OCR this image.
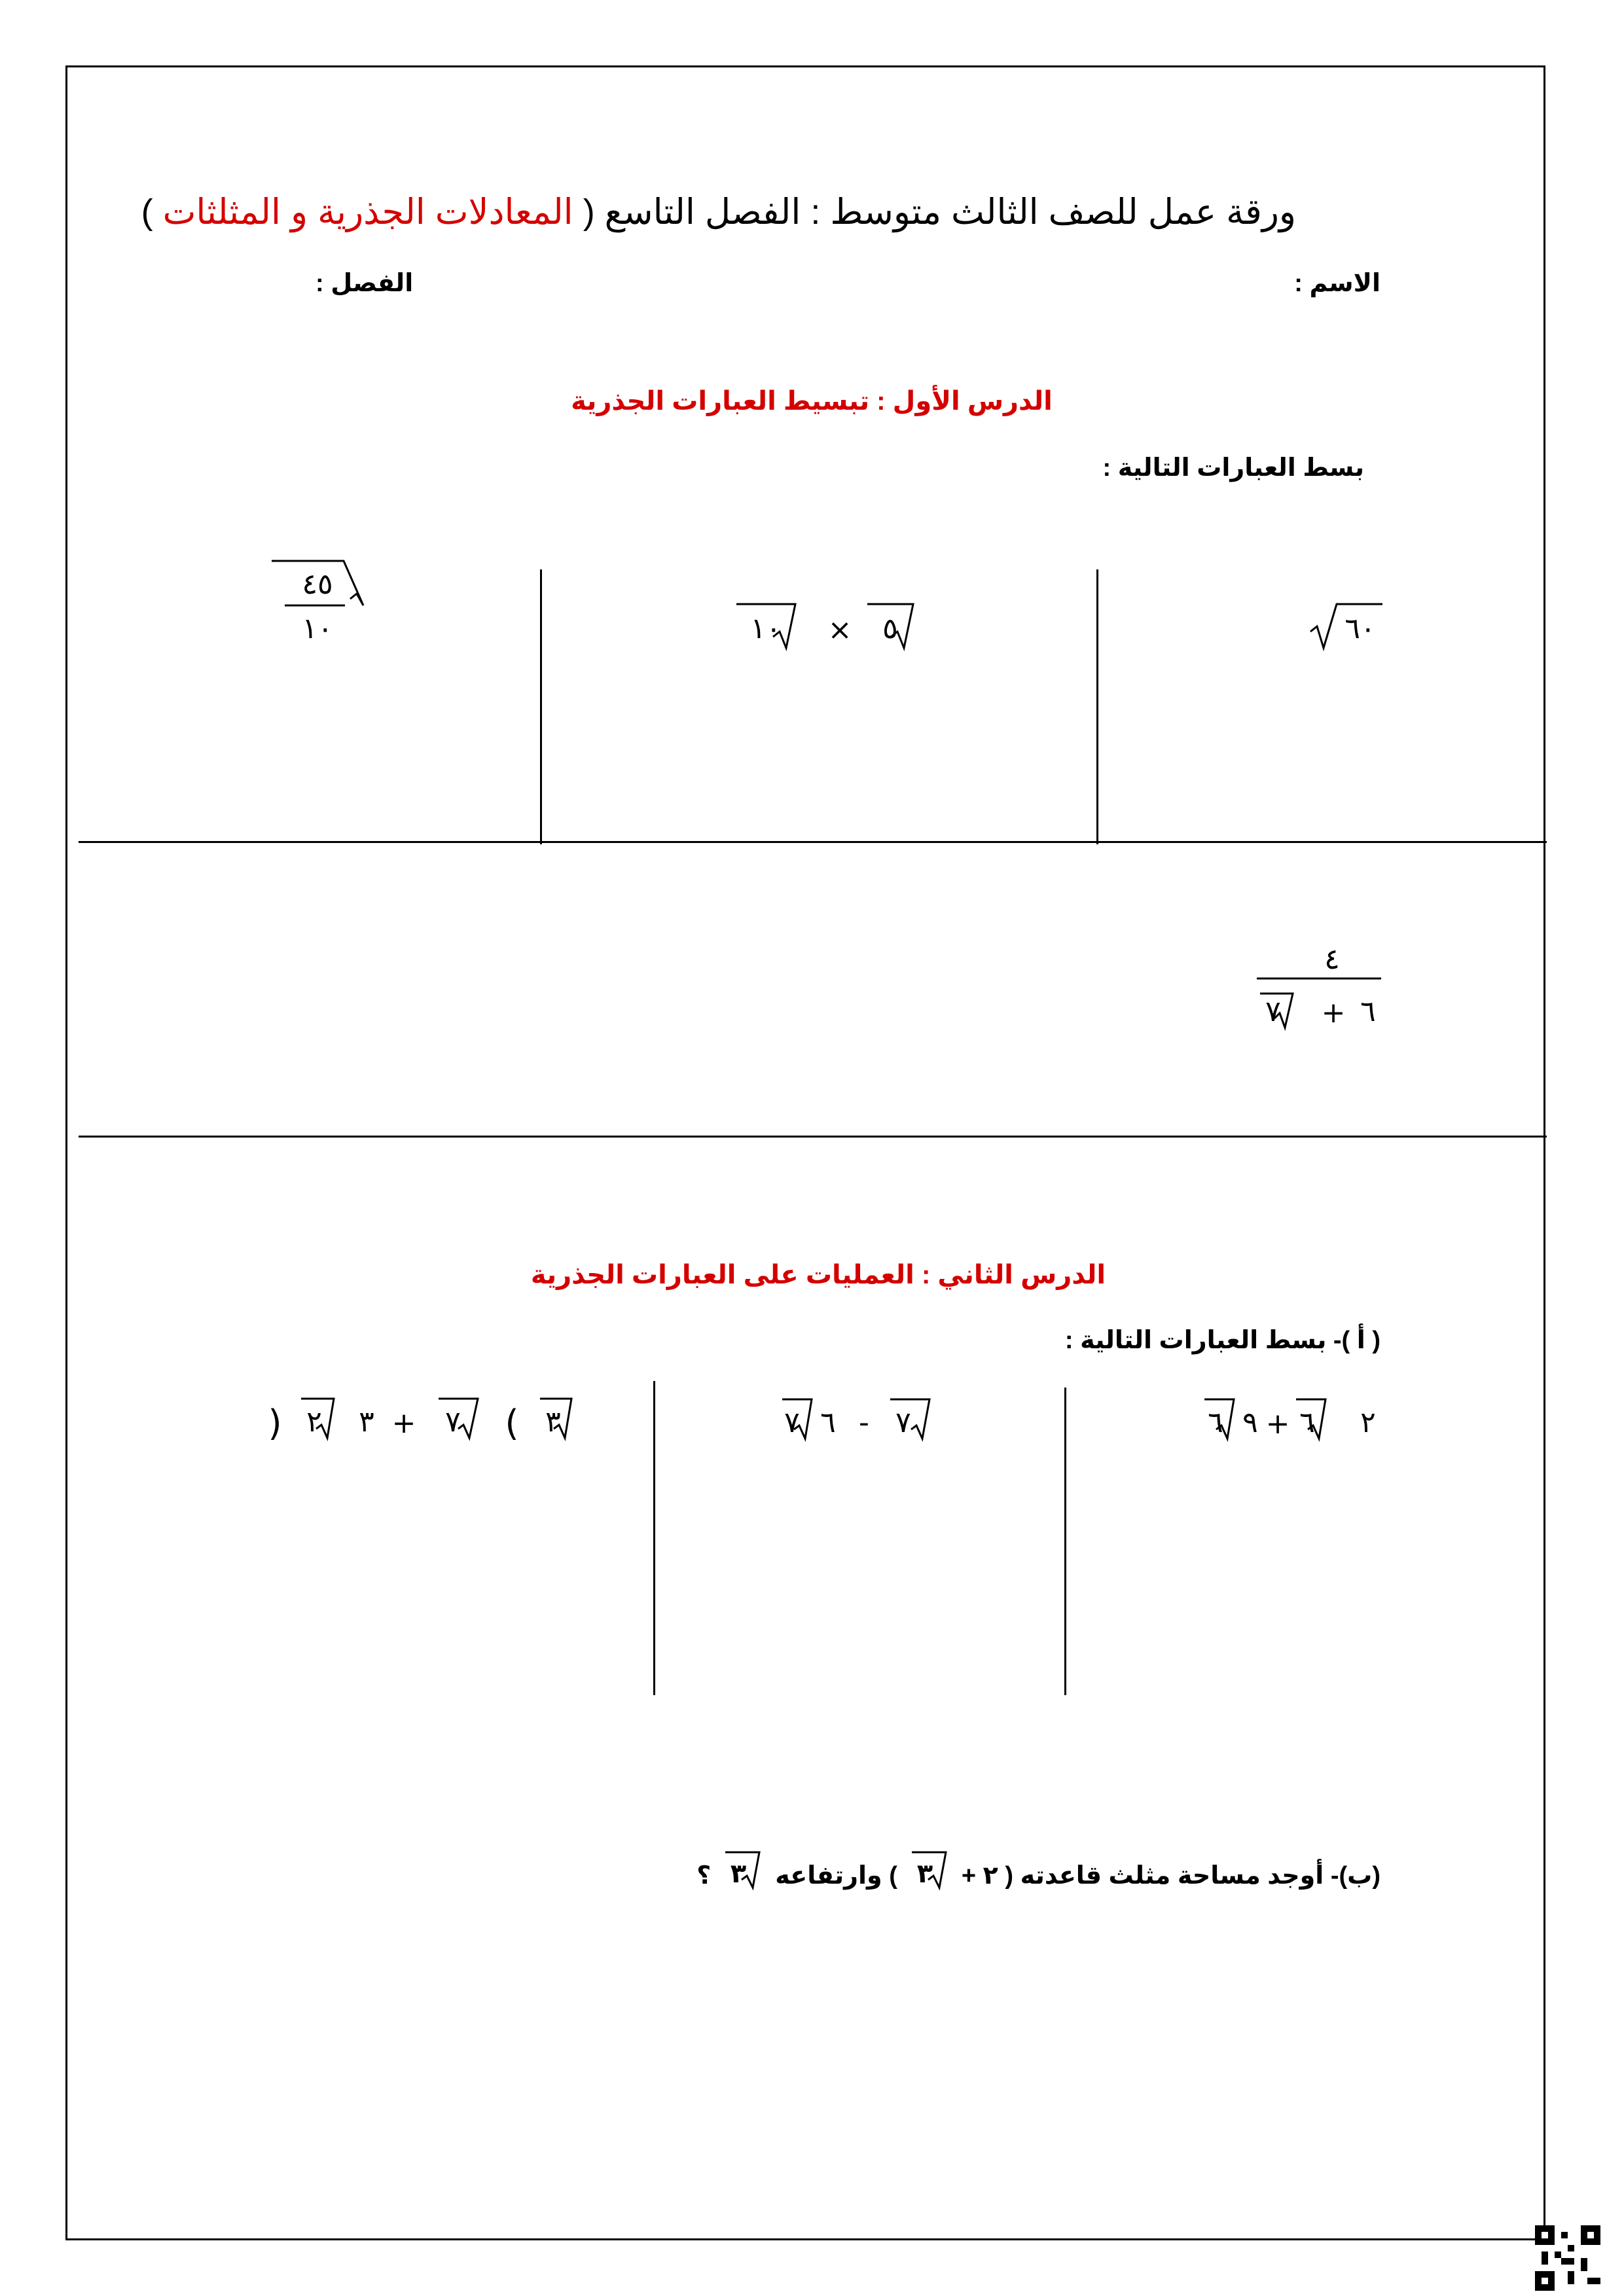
ورقة عمل للصف الثالث متوسط : الفصل التاسع ( المعادلات الجذرية و المثلثات )
الاسم :
الفصل :
الدرس الأول : تبسيط العبارات الجذرية
بسط العبارات التالية :
٦٠
١٠ × ٥
٤٥
١٠
٤
٧ + ٦
الدرس الثاني : العمليات على العبارات الجذرية
( أ )- بسط العبارات التالية :
٦ ٩ + ٦ ٢
٧ ٦ - ٧
) ٢ ٣ + ٧ ( ٣
(ب)- أوجد مساحة مثلث قاعدته ( ٢ +
٣
) وارتفاعه
٣
؟
